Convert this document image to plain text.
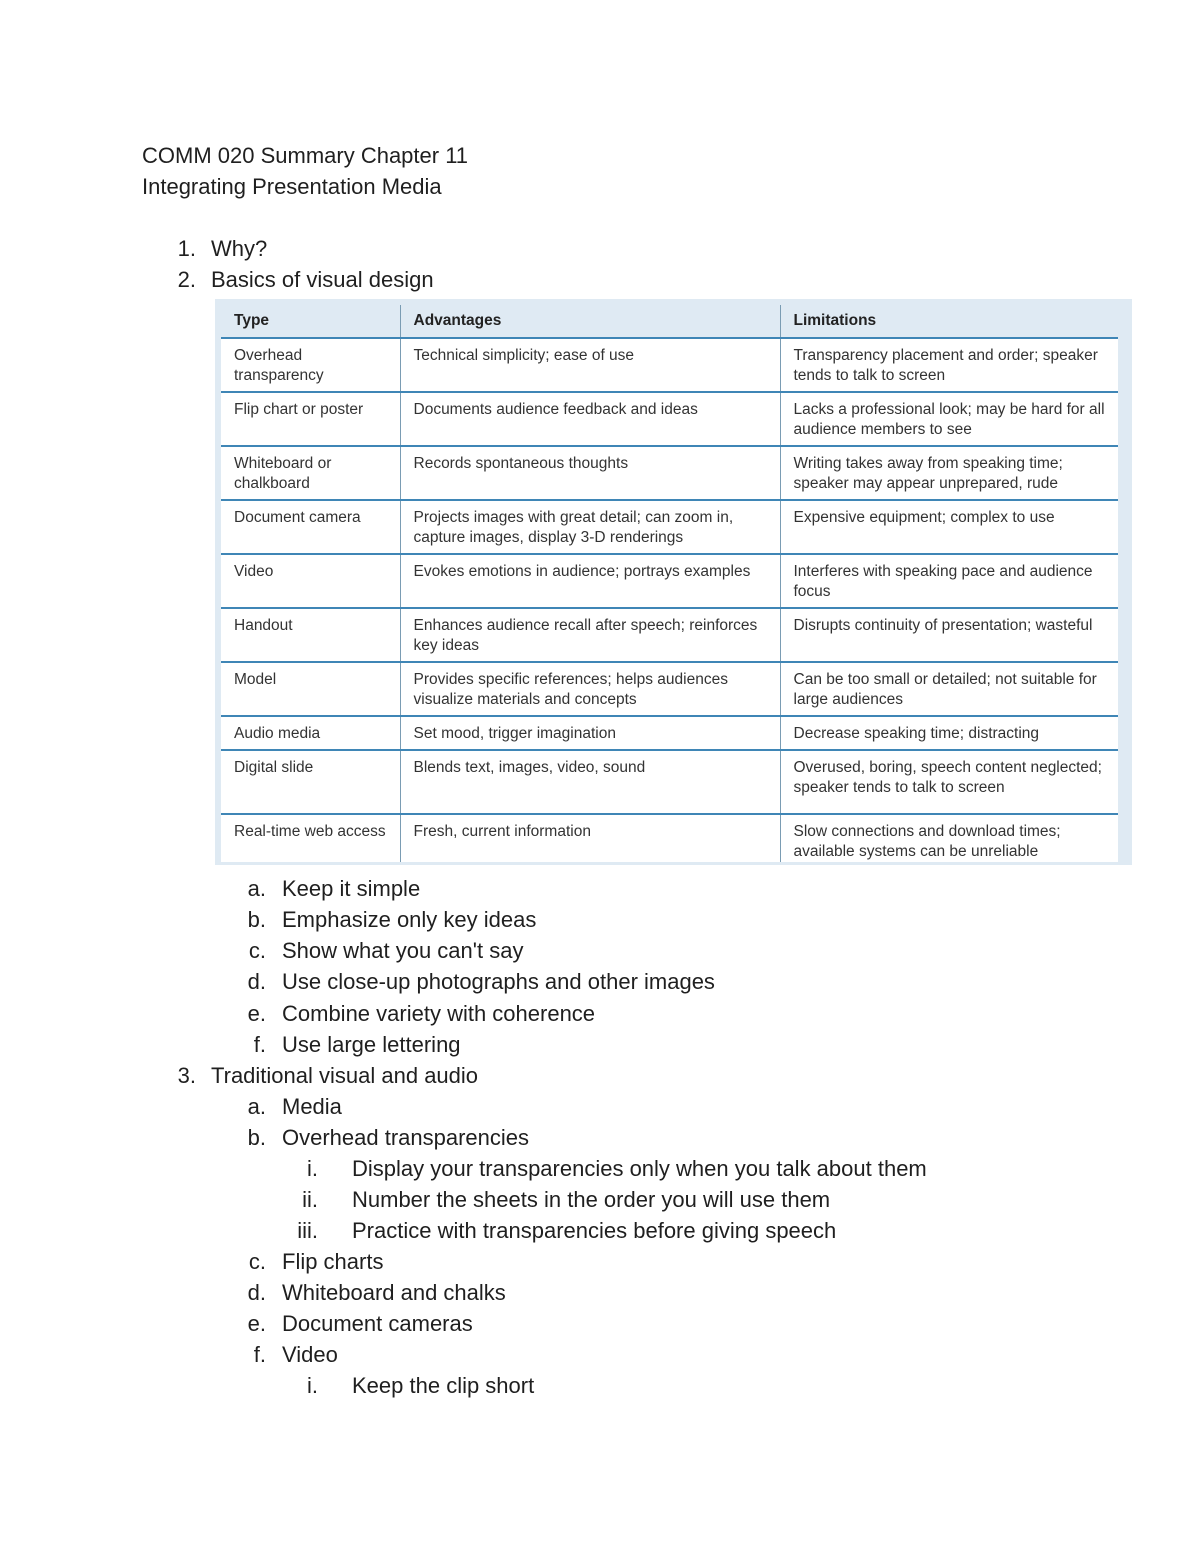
COMM 020 Summary Chapter 11
Integrating Presentation Media
1. Why?
2. Basics of visual design
Type	Advantages	Limitations
Overhead transparency	Technical simplicity; ease of use	Transparency placement and order; speaker tends to talk to screen
Flip chart or poster	Documents audience feedback and ideas	Lacks a professional look; may be hard for all audience members to see
Whiteboard or chalkboard	Records spontaneous thoughts	Writing takes away from speaking time; speaker may appear unprepared, rude
Document camera	Projects images with great detail; can zoom in, capture images, display 3-D renderings	Expensive equipment; complex to use
Video	Evokes emotions in audience; portrays examples	Interferes with speaking pace and audience focus
Handout	Enhances audience recall after speech; reinforces key ideas	Disrupts continuity of presentation; wasteful
Model	Provides specific references; helps audiences visualize materials and concepts	Can be too small or detailed; not suitable for large audiences
Audio media	Set mood, trigger imagination	Decrease speaking time; distracting
Digital slide	Blends text, images, video, sound	Overused, boring, speech content neglected; speaker tends to talk to screen
Real-time web access	Fresh, current information	Slow connections and download times; available systems can be unreliable
a. Keep it simple
b. Emphasize only key ideas
c. Show what you can't say
d. Use close-up photographs and other images
e. Combine variety with coherence
f. Use large lettering
3. Traditional visual and audio
a. Media
b. Overhead transparencies
i. Display your transparencies only when you talk about them
ii. Number the sheets in the order you will use them
iii. Practice with transparencies before giving speech
c. Flip charts
d. Whiteboard and chalks
e. Document cameras
f. Video
i. Keep the clip short
